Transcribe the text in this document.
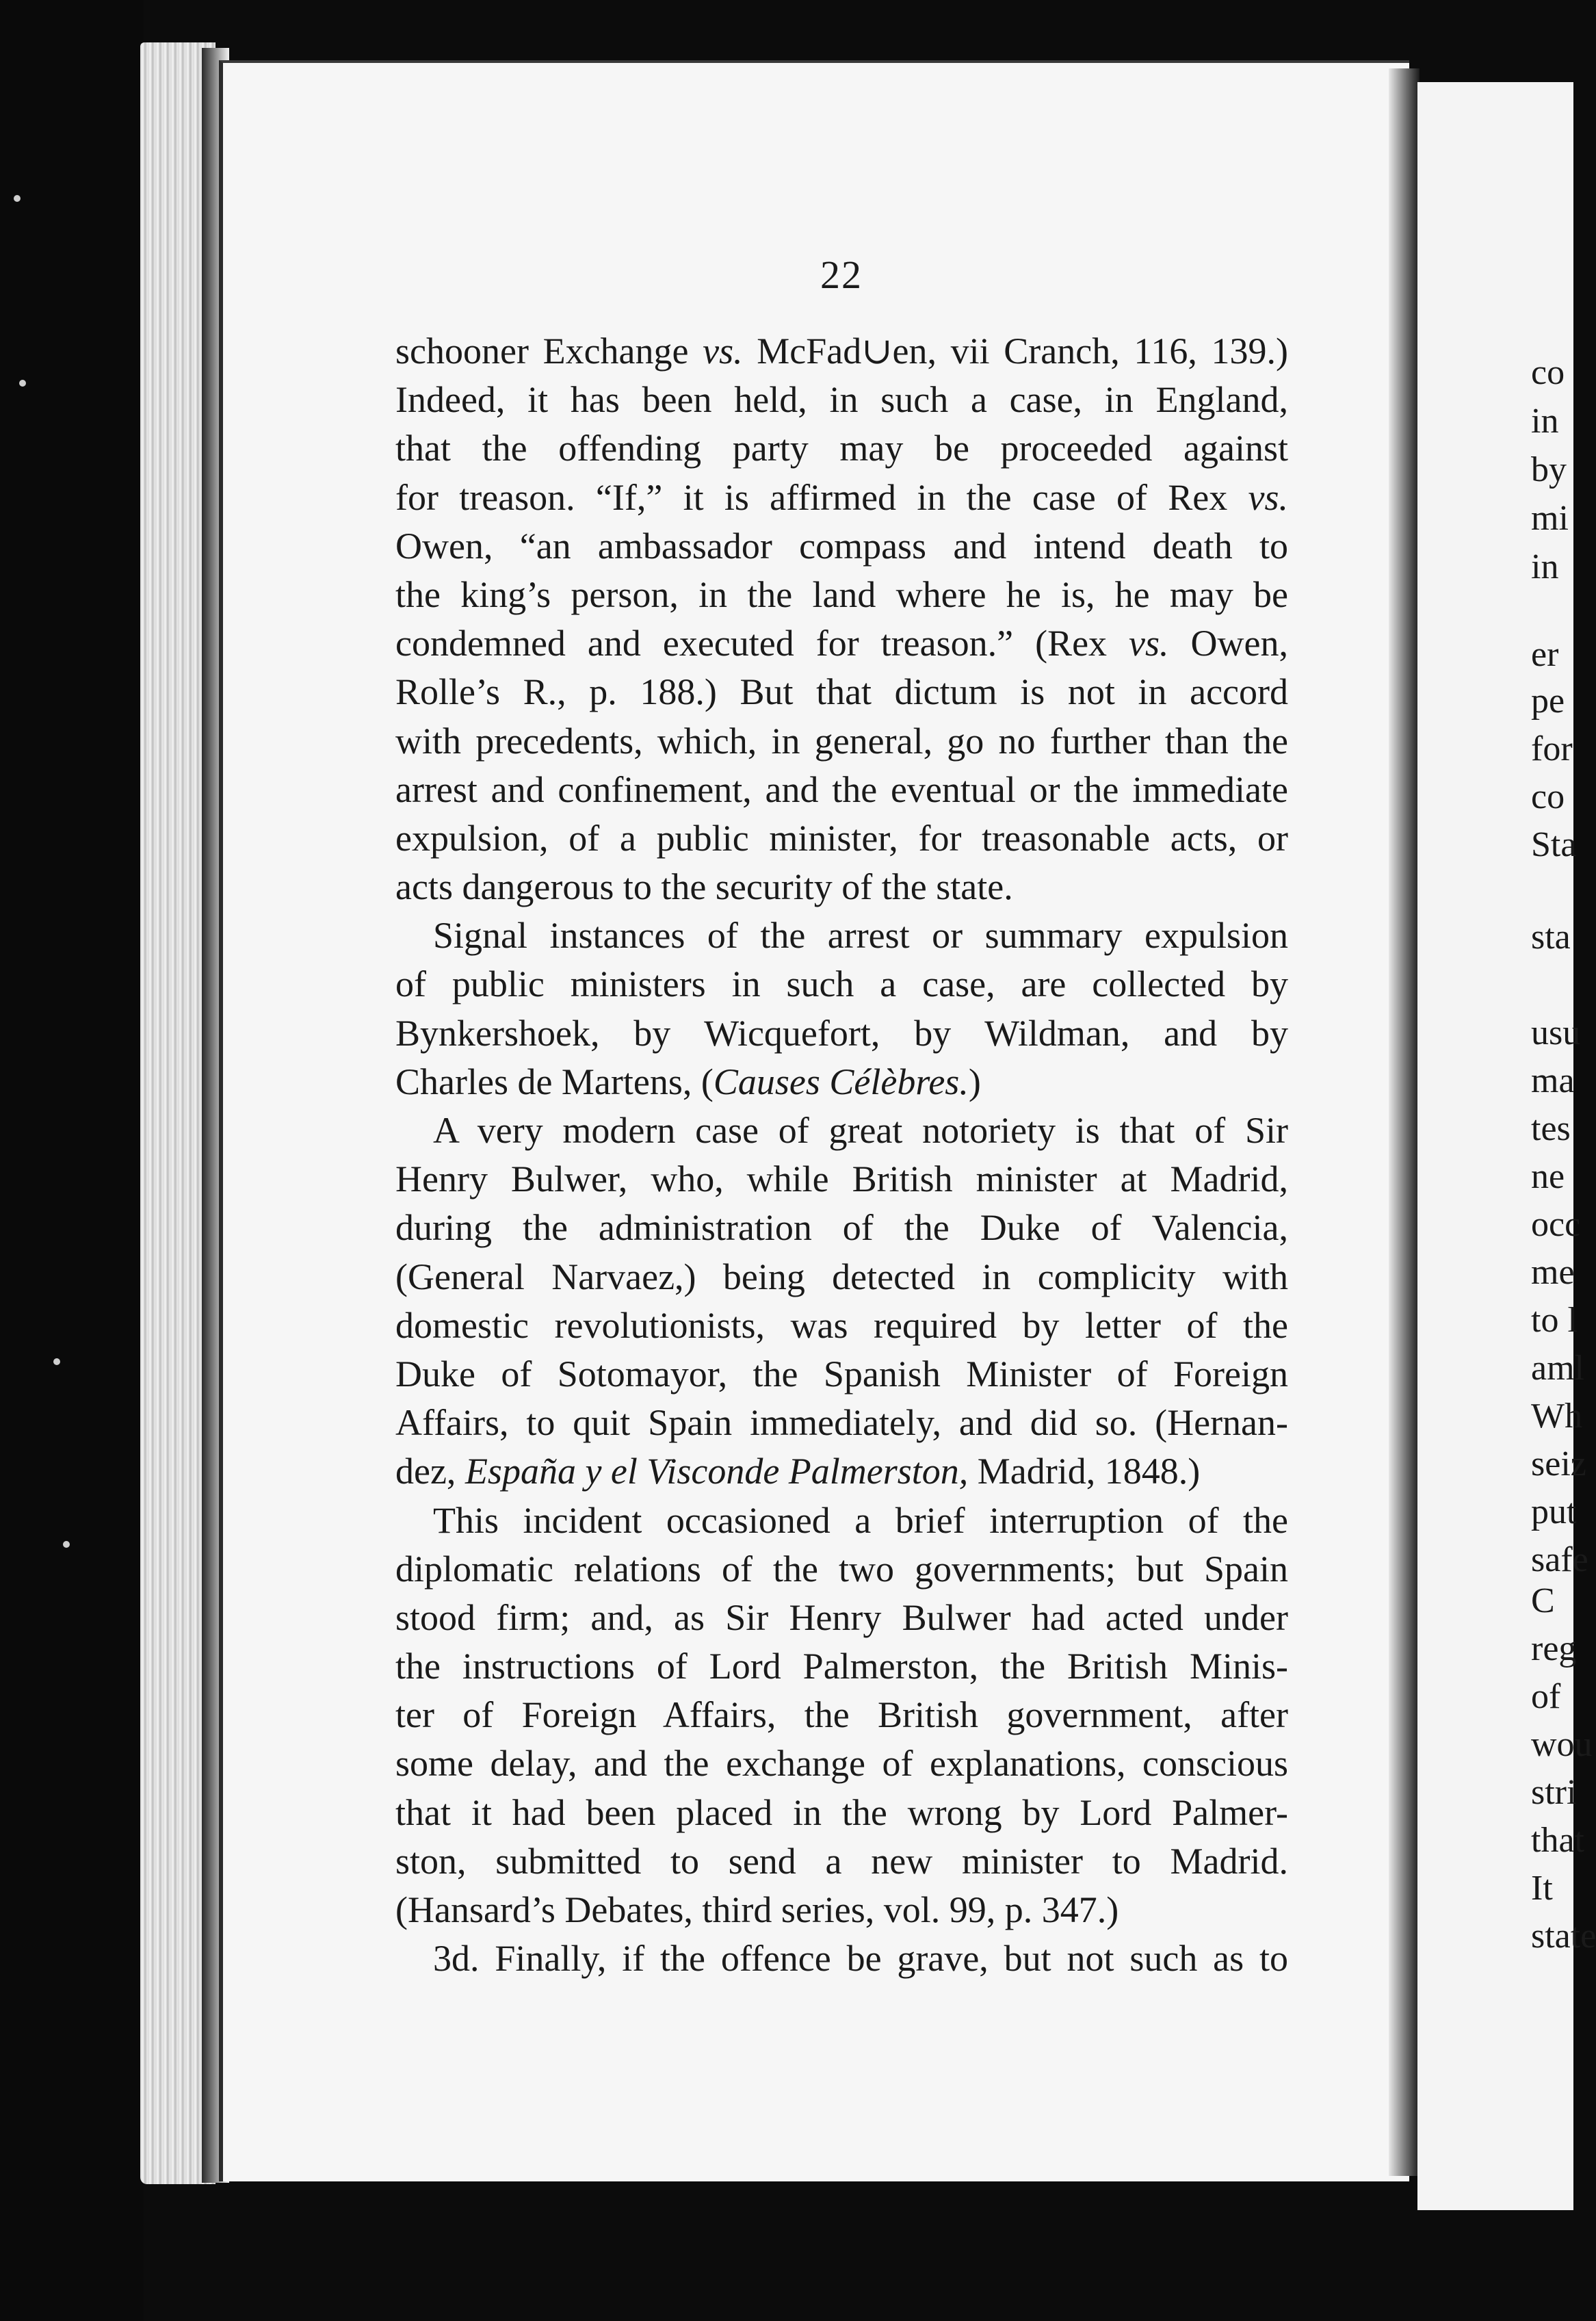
22
schooner Exchange vs. McFad∪en, vii Cranch, 116, 139.)
Indeed, it has been held, in such a case, in England,
that the offending party may be proceeded against
for treason. “If,” it is affirmed in the case of Rex vs.
Owen, “an ambassador compass and intend death to
the king’s person, in the land where he is, he may be
condemned and executed for treason.” (Rex vs. Owen,
Rolle’s R., p. 188.) But that dictum is not in accord
with precedents, which, in general, go no further than the
arrest and confinement, and the eventual or the immediate
expulsion, of a public minister, for treasonable acts, or
acts dangerous to the security of the state.
Signal instances of the arrest or summary expulsion
of public ministers in such a case, are collected by
Bynkershoek, by Wicquefort, by Wildman, and by
Charles de Martens, (Causes Célèbres.)
A very modern case of great notoriety is that of Sir
Henry Bulwer, who, while British minister at Madrid,
during the administration of the Duke of Valencia,
(General Narvaez,) being detected in complicity with
domestic revolutionists, was required by letter of the
Duke of Sotomayor, the Spanish Minister of Foreign
Affairs, to quit Spain immediately, and did so. (Hernan-
dez, España y el Visconde Palmerston, Madrid, 1848.)
This incident occasioned a brief interruption of the
diplomatic relations of the two governments; but Spain
stood firm; and, as Sir Henry Bulwer had acted under
the instructions of Lord Palmerston, the British Minis-
ter of Foreign Affairs, the British government, after
some delay, and the exchange of explanations, conscious
that it had been placed in the wrong by Lord Palmer-
ston, submitted to send a new minister to Madrid.
(Hansard’s Debates, third series, vol. 99, p. 347.)
3d. Finally, if the offence be grave, but not such as to
co
in
by
mi
in
er
pe
for
co
Sta
sta
usu
ma
tes
ne
occ
me
to l
aml
Wh
seiz
put
safe
C
reg
of
wou
stri
that
It
state
